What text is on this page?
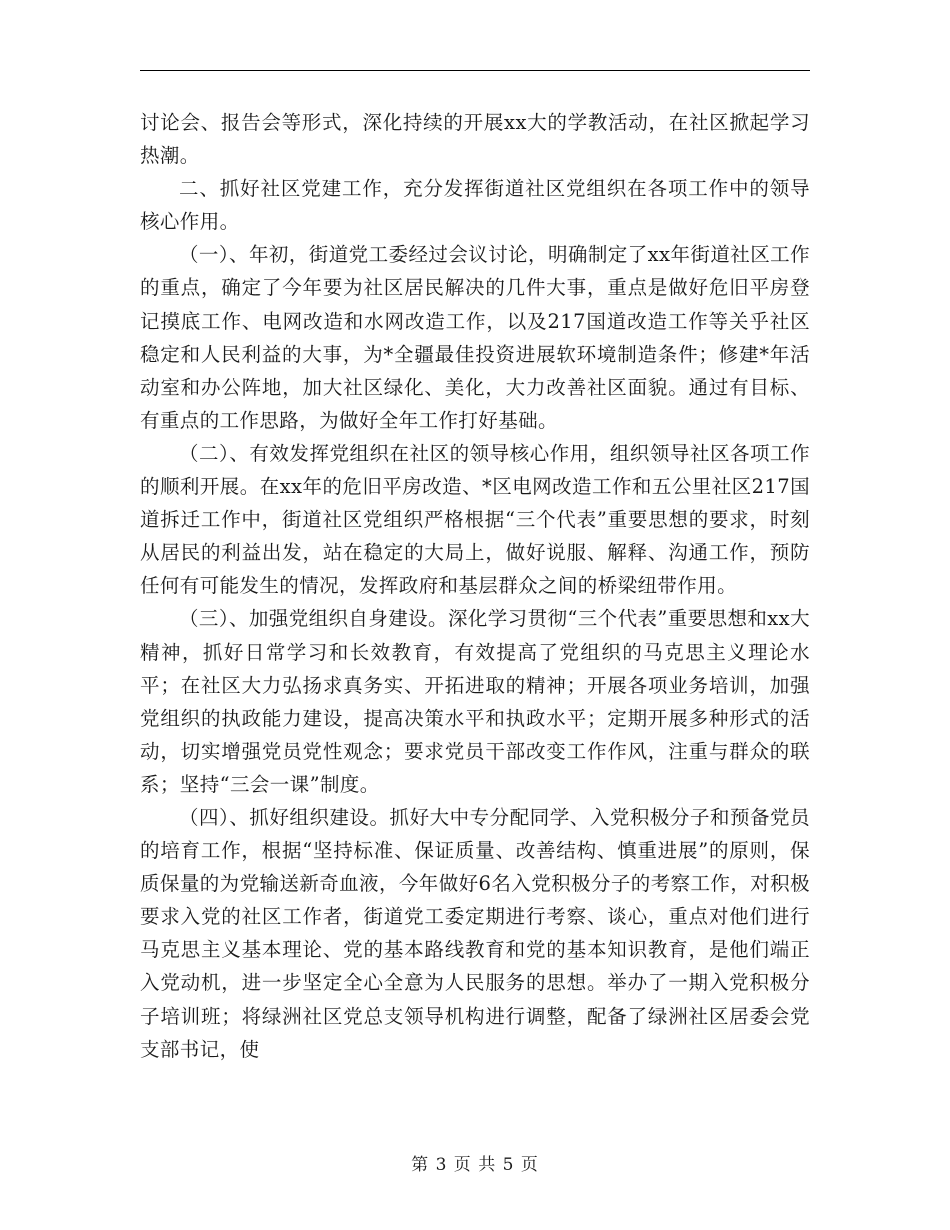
讨论会、报告会等形式，深化持续的开展xx大的学教活动，在社区掀起学习热潮。

二、抓好社区党建工作，充分发挥街道社区党组织在各项工作中的领导核心作用。

（一）、年初，街道党工委经过会议讨论，明确制定了xx年街道社区工作的重点，确定了今年要为社区居民解决的几件大事，重点是做好危旧平房登记摸底工作、电网改造和水网改造工作，以及217国道改造工作等关乎社区稳定和人民利益的大事，为*全疆最佳投资进展软环境制造条件；修建*年活动室和办公阵地，加大社区绿化、美化，大力改善社区面貌。通过有目标、有重点的工作思路，为做好全年工作打好基础。

（二）、有效发挥党组织在社区的领导核心作用，组织领导社区各项工作的顺利开展。在xx年的危旧平房改造、*区电网改造工作和五公里社区217国道拆迁工作中，街道社区党组织严格根据“三个代表”重要思想的要求，时刻从居民的利益出发，站在稳定的大局上，做好说服、解释、沟通工作，预防任何有可能发生的情况，发挥政府和基层群众之间的桥梁纽带作用。

（三）、加强党组织自身建设。深化学习贯彻“三个代表”重要思想和xx大精神，抓好日常学习和长效教育，有效提高了党组织的马克思主义理论水平；在社区大力弘扬求真务实、开拓进取的精神；开展各项业务培训，加强党组织的执政能力建设，提高决策水平和执政水平；定期开展多种形式的活动，切实增强党员党性观念；要求党员干部改变工作作风，注重与群众的联系；坚持“三会一课”制度。

（四）、抓好组织建设。抓好大中专分配同学、入党积极分子和预备党员的培育工作，根据“坚持标准、保证质量、改善结构、慎重进展”的原则，保质保量的为党输送新奇血液，今年做好6名入党积极分子的考察工作，对积极要求入党的社区工作者，街道党工委定期进行考察、谈心，重点对他们进行马克思主义基本理论、党的基本路线教育和党的基本知识教育，是他们端正入党动机，进一步坚定全心全意为人民服务的思想。举办了一期入党积极分子培训班；将绿洲社区党总支领导机构进行调整，配备了绿洲社区居委会党支部书记，使

第 3 页 共 5 页
